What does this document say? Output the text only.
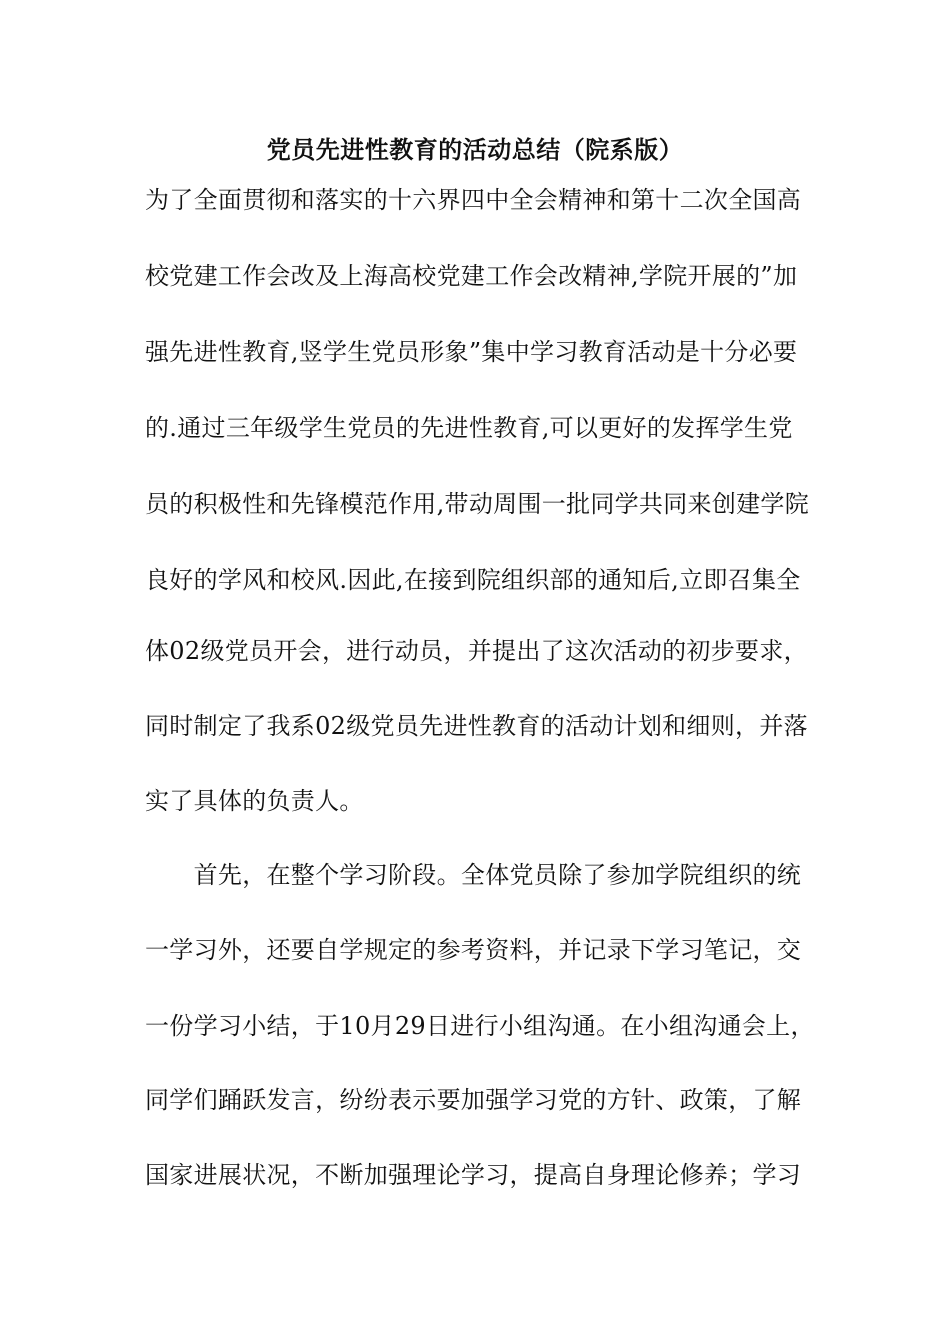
党员先进性教育的活动总结（院系版）
为了全面贯彻和落实的十六界四中全会精神和第十二次全国高
校党建工作会改及上海高校党建工作会改精神,学院开展的”加
强先进性教育,竖学生党员形象”集中学习教育活动是十分必要
的.通过三年级学生党员的先进性教育,可以更好的发挥学生党
员的积极性和先锋模范作用,带动周围一批同学共同来创建学院
良好的学风和校风.因此,在接到院组织部的通知后,立即召集全
体02级党员开会，进行动员，并提出了这次活动的初步要求，
同时制定了我系02级党员先进性教育的活动计划和细则，并落
实了具体的负责人。
　　首先，在整个学习阶段。全体党员除了参加学院组织的统
一学习外，还要自学规定的参考资料，并记录下学习笔记，交
一份学习小结，于10月29日进行小组沟通。在小组沟通会上，
同学们踊跃发言，纷纷表示要加强学习党的方针、政策，了解
国家进展状况，不断加强理论学习，提高自身理论修养；学习
